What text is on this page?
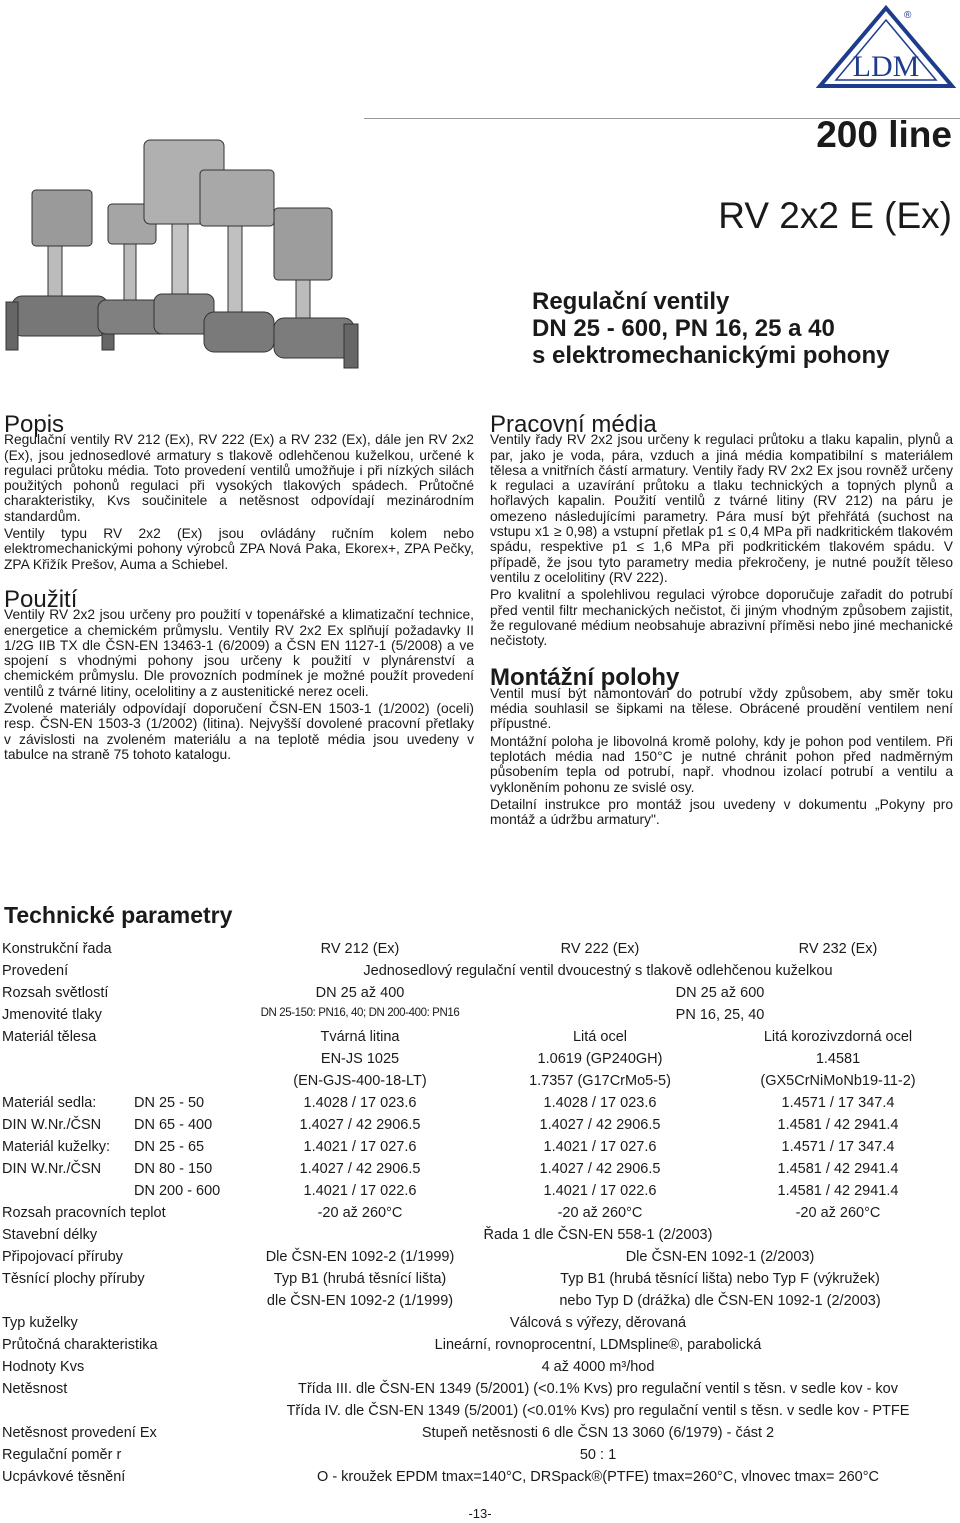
LDM
®
200 line
RV 2x2 E (Ex)
Regulační ventily
DN 25 - 600, PN 16, 25 a 40
s elektromechanickými pohony
Popis

Regulační ventily RV 212 (Ex), RV 222 (Ex) a RV 232 (Ex), dále jen RV 2x2 (Ex), jsou jednosedlové armatury s tlakově odlehčenou kuželkou, určené k regulaci průtoku média. Toto provedení ventilů umožňuje i při nízkých silách použitých pohonů regulaci při vysokých tlakových spádech. Průtočné charakteristiky, Kvs součinitele a netěsnost odpovídají mezinárodním standardům.

Ventily typu RV 2x2 (Ex) jsou ovládány ručním kolem nebo elektromechanickými pohony výrobců ZPA Nová Paka, Ekorex+, ZPA Pečky, ZPA Křižík Prešov, Auma a Schiebel.

Použití

Ventily RV 2x2 jsou určeny pro použití v topenářské a klimatizační technice, energetice a chemickém průmyslu. Ventily RV 2x2 Ex splňují požadavky II 1/2G IIB TX dle ČSN-EN 13463-1 (6/2009) a ČSN EN 1127-1 (5/2008) a ve spojení s vhodnými pohony jsou určeny k použití v plynárenství a chemickém průmyslu. Dle provozních podmínek je možné použít provedení ventilů z tvárné litiny, ocelolitiny a z austenitické nerez oceli.

Zvolené materiály odpovídají doporučení ČSN-EN 1503-1 (1/2002) (oceli) resp. ČSN-EN 1503-3 (1/2002) (litina). Nejvyšší dovolené pracovní přetlaky v závislosti na zvoleném materiálu a na teplotě média jsou uvedeny v tabulce na straně 75 tohoto katalogu.

Pracovní média

Ventily řady RV 2x2 jsou určeny k regulaci průtoku a tlaku kapalin, plynů a par, jako je voda, pára, vzduch a jiná média kompatibilní s materiálem tělesa a vnitřních částí armatury. Ventily řady RV 2x2 Ex jsou rovněž určeny k regulaci a uzavírání průtoku a tlaku technických a topných plynů a hořlavých kapalin. Použití ventilů z tvárné litiny (RV 212) na páru je omezeno následujícími parametry. Pára musí být přehřátá (suchost na vstupu x1 ≥ 0,98) a vstupní přetlak p1 ≤ 0,4 MPa při nadkritickém tlakovém spádu, respektive p1 ≤ 1,6 MPa při podkritickém tlakovém spádu. V případě, že jsou tyto parametry media překročeny, je nutné použít těleso ventilu z ocelolitiny (RV 222).

Pro kvalitní a spolehlivou regulaci výrobce doporučuje zařadit do potrubí před ventil filtr mechanických nečistot, či jiným vhodným způsobem zajistit, že regulované médium neobsahuje abrazivní příměsi nebo jiné mechanické nečistoty.

Montážní polohy

Ventil musí být namontován do potrubí vždy způsobem, aby směr toku média souhlasil se šipkami na tělese. Obrácené proudění ventilem není přípustné.

Montážní poloha je libovolná kromě polohy, kdy je pohon pod ventilem. Při teplotách média nad 150°C je nutné chránit pohon před nadměrným působením tepla od potrubí, např. vhodnou izolací potrubí a ventilu a vykloněním pohonu ze svislé osy.

Detailní instrukce pro montáž jsou uvedeny v dokumentu „Pokyny pro montáž a údržbu armatury".

Technické parametry
Konstrukční řada	RV 212 (Ex)	RV 222 (Ex)	RV 232 (Ex)
Provedení	Jednosedlový regulační ventil dvoucestný s tlakově odlehčenou kuželkou		
Rozsah světlostí	DN 25 až 400	DN 25 až 600	
Jmenovité tlaky	DN 25-150: PN16, 40; DN 200-400: PN16	PN 16, 25, 40	
Materiál tělesa	Tvárná litina	Litá ocel	Litá korozivzdorná ocel
	EN-JS 1025	1.0619 (GP240GH)	1.4581
	(EN-GJS-400-18-LT)	1.7357 (G17CrMo5-5)	(GX5CrNiMoNb19-11-2)
Materiál sedla: DN 25 - 50	1.4028 / 17 023.6	1.4028 / 17 023.6	1.4571 / 17 347.4
DIN W.Nr./ČSN DN 65 - 400	1.4027 / 42 2906.5	1.4027 / 42 2906.5	1.4581 / 42 2941.4
Materiál kuželky: DN 25 - 65	1.4021 / 17 027.6	1.4021 / 17 027.6	1.4571 / 17 347.4
DIN W.Nr./ČSN DN 80 - 150	1.4027 / 42 2906.5	1.4027 / 42 2906.5	1.4581 / 42 2941.4
DN 200 - 600	1.4021 / 17 022.6	1.4021 / 17 022.6	1.4581 / 42 2941.4
Rozsah pracovních teplot	-20 až 260°C	-20 až 260°C	-20 až 260°C
Stavební délky	Řada 1 dle ČSN-EN 558-1 (2/2003)		
Připojovací příruby	Dle ČSN-EN 1092-2 (1/1999)	Dle ČSN-EN 1092-1 (2/2003)	
Těsnící plochy příruby	Typ B1 (hrubá těsnící lišta)	Typ B1 (hrubá těsnící lišta) nebo Typ F (výkružek)	
	dle ČSN-EN 1092-2 (1/1999)	nebo Typ D (drážka) dle ČSN-EN 1092-1 (2/2003)	
Typ kuželky	Válcová s výřezy, děrovaná		
Průtočná charakteristika	Lineární, rovnoprocentní, LDMspline®, parabolická		
Hodnoty Kvs	4 až 4000 m³/hod		
Netěsnost	Třída III. dle ČSN-EN 1349 (5/2001) (<0.1% Kvs) pro regulační ventil s těsn. v sedle kov - kov		
	Třída IV. dle ČSN-EN 1349 (5/2001) (<0.01% Kvs) pro regulační ventil s těsn. v sedle kov - PTFE		
Netěsnost provedení Ex	Stupeň netěsnosti 6 dle ČSN 13 3060 (6/1979) - část 2		
Regulační poměr r	50 : 1		
Ucpávkové těsnění	O - kroužek EPDM tmax=140°C, DRSpack®(PTFE) tmax=260°C, vlnovec tmax= 260°C		
-13-
